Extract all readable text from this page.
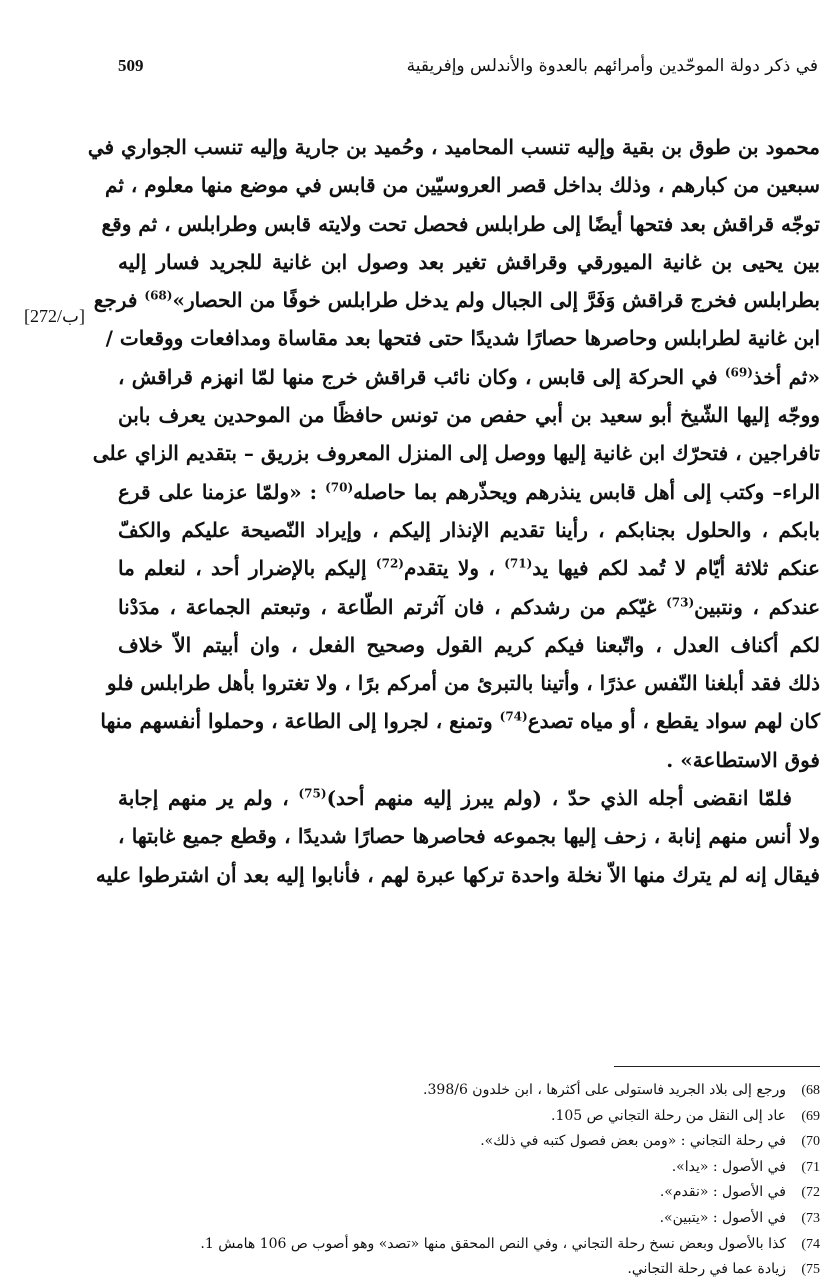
509	في ذكر دولة الموحّدين وأمرائهم بالعدوة والأندلس وإفريقية
[272/ب]
محمود بن طوق بن بقية وإليه تنسب المحاميد ، وحُميد بن جارية وإليه تنسب الجواري في
سبعين من كبارهم ، وذلك بداخل قصر العروسيّين من قابس في موضع منها معلوم ، ثم
توجّه قراقش بعد فتحها أيضًا إلى طرابلس فحصل تحت ولايته قابس وطرابلس ، ثم وقع
بين يحيى بن غانية الميورقي وقراقش تغير بعد وصول ابن غانية للجريد فسار إليه
بطرابلس فخرج قراقش وَفَرَّ إلى الجبال ولم يدخل طرابلس خوفًا من الحصار»$^{(68)}$ فرجع
ابن غانية لطرابلس وحاصرها حصارًا شديدًا حتى فتحها بعد مقاساة ومدافعات ووقعات /
«ثم أخذ$^{(69)}$ في الحركة إلى قابس ، وكان نائب قراقش خرج منها لمّا انهزم قراقش ،
ووجّه إليها الشّيخ أبو سعيد بن أبي حفص من تونس حافظًا من الموحدين يعرف بابن
تافراجين ، فتحرّك ابن غانية إليها ووصل إلى المنزل المعروف بزريق – بتقديم الزاي على
الراء– وكتب إلى أهل قابس ينذرهم ويحذّرهم بما حاصله$^{(70)}$ : «ولمّا عزمنا على قرع
بابكم ، والحلول بجنابكم ، رأينا تقديم الإنذار إليكم ، وإيراد النّصيحة عليكم والكفّ
عنكم ثلاثة أيّام لا تُمد لكم فيها يد$^{(71)}$ ، ولا يتقدم$^{(72)}$ إليكم بالإضرار أحد ، لنعلم ما
عندكم ، ونتبين$^{(73)}$ غيّكم من رشدكم ، فان آثرتم الطّاعة ، وتبعتم الجماعة ، مدَدْنا
لكم أكناف العدل ، واتّبعنا فيكم كريم القول وصحيح الفعل ، وان أبيتم الاّ خلاف
ذلك فقد أبلغنا النّفس عذرًا ، وأتينا بالتبرئ من أمركم برًا ، ولا تغتروا بأهل طرابلس فلو
كان لهم سواد يقطع ، أو مياه تصدع$^{(74)}$ وتمنع ، لجروا إلى الطاعة ، وحملوا أنفسهم منها
فوق الاستطاعة» .
فلمّا انقضى أجله الذي حدّ ، (ولم يبرز إليه منهم أحد)$^{(75)}$ ، ولم ير منهم إجابة
ولا أنس منهم إنابة ، زحف إليها بجموعه فحاصرها حصارًا شديدًا ، وقطع جميع غابتها ،
فيقال إنه لم يترك منها الاّ نخلة واحدة تركها عبرة لهم ، فأنابوا إليه بعد أن اشترطوا عليه
68)ورجع إلى بلاد الجريد فاستولى على أكثرها ، ابن خلدون 398/6.
69)عاد إلى النقل من رحلة التجاني ص 105.
70)في رحلة التجاني : «ومن بعض فصول كتبه في ذلك».
71)في الأصول : «يدا».
72)في الأصول : «نقدم».
73)في الأصول : «يتبين».
74)كذا بالأصول وبعض نسخ رحلة التجاني ، وفي النص المحقق منها «تصد» وهو أصوب ص 106 هامش 1.
75)زيادة عما في رحلة التجاني.
